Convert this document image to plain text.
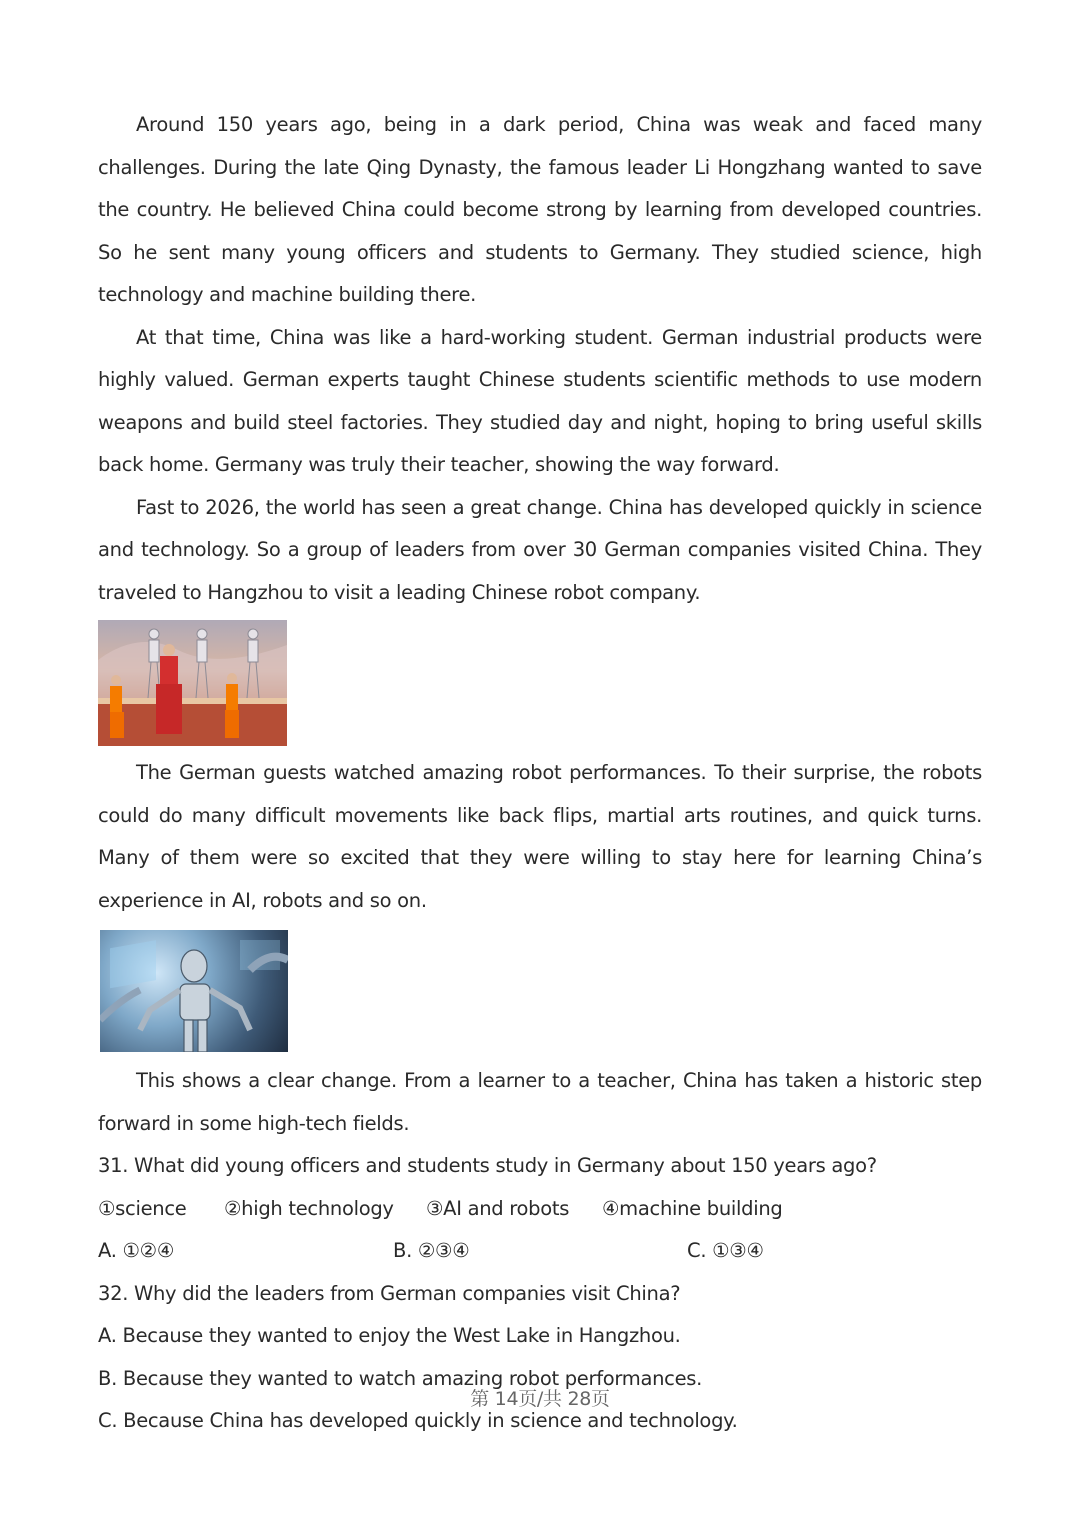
Around 150 years ago, being in a dark period, China was weak and faced many challenges. During the late Qing Dynasty, the famous leader Li Hongzhang wanted to save the country. He believed China could become strong by learning from developed countries. So he sent many young officers and students to Germany. They studied science, high technology and machine building there.

At that time, China was like a hard-working student. German industrial products were highly valued. German experts taught Chinese students scientific methods to use modern weapons and build steel factories. They studied day and night, hoping to bring useful skills back home. Germany was truly their teacher, showing the way forward.

Fast to 2026, the world has seen a great change. China has developed quickly in science and technology. So a group of leaders from over 30 German companies visited China. They traveled to Hangzhou to visit a leading Chinese robot company.

The German guests watched amazing robot performances. To their surprise, the robots could do many difficult movements like back flips, martial arts routines, and quick turns. Many of them were so excited that they were willing to stay here for learning China’s experience in AI, robots and so on.

This shows a clear change. From a learner to a teacher, China has taken a historic step forward in some high-tech fields.

31. What did young officers and students study in Germany about 150 years ago?

①science	②high technology	③AI and robots	④machine building
A. ①②④	B. ②③④	C. ①③④

32. Why did the leaders from German companies visit China?

A. Because they wanted to enjoy the West Lake in Hangzhou.

B. Because they wanted to watch amazing robot performances.

C. Because China has developed quickly in science and technology.

第 14页/共 28页
